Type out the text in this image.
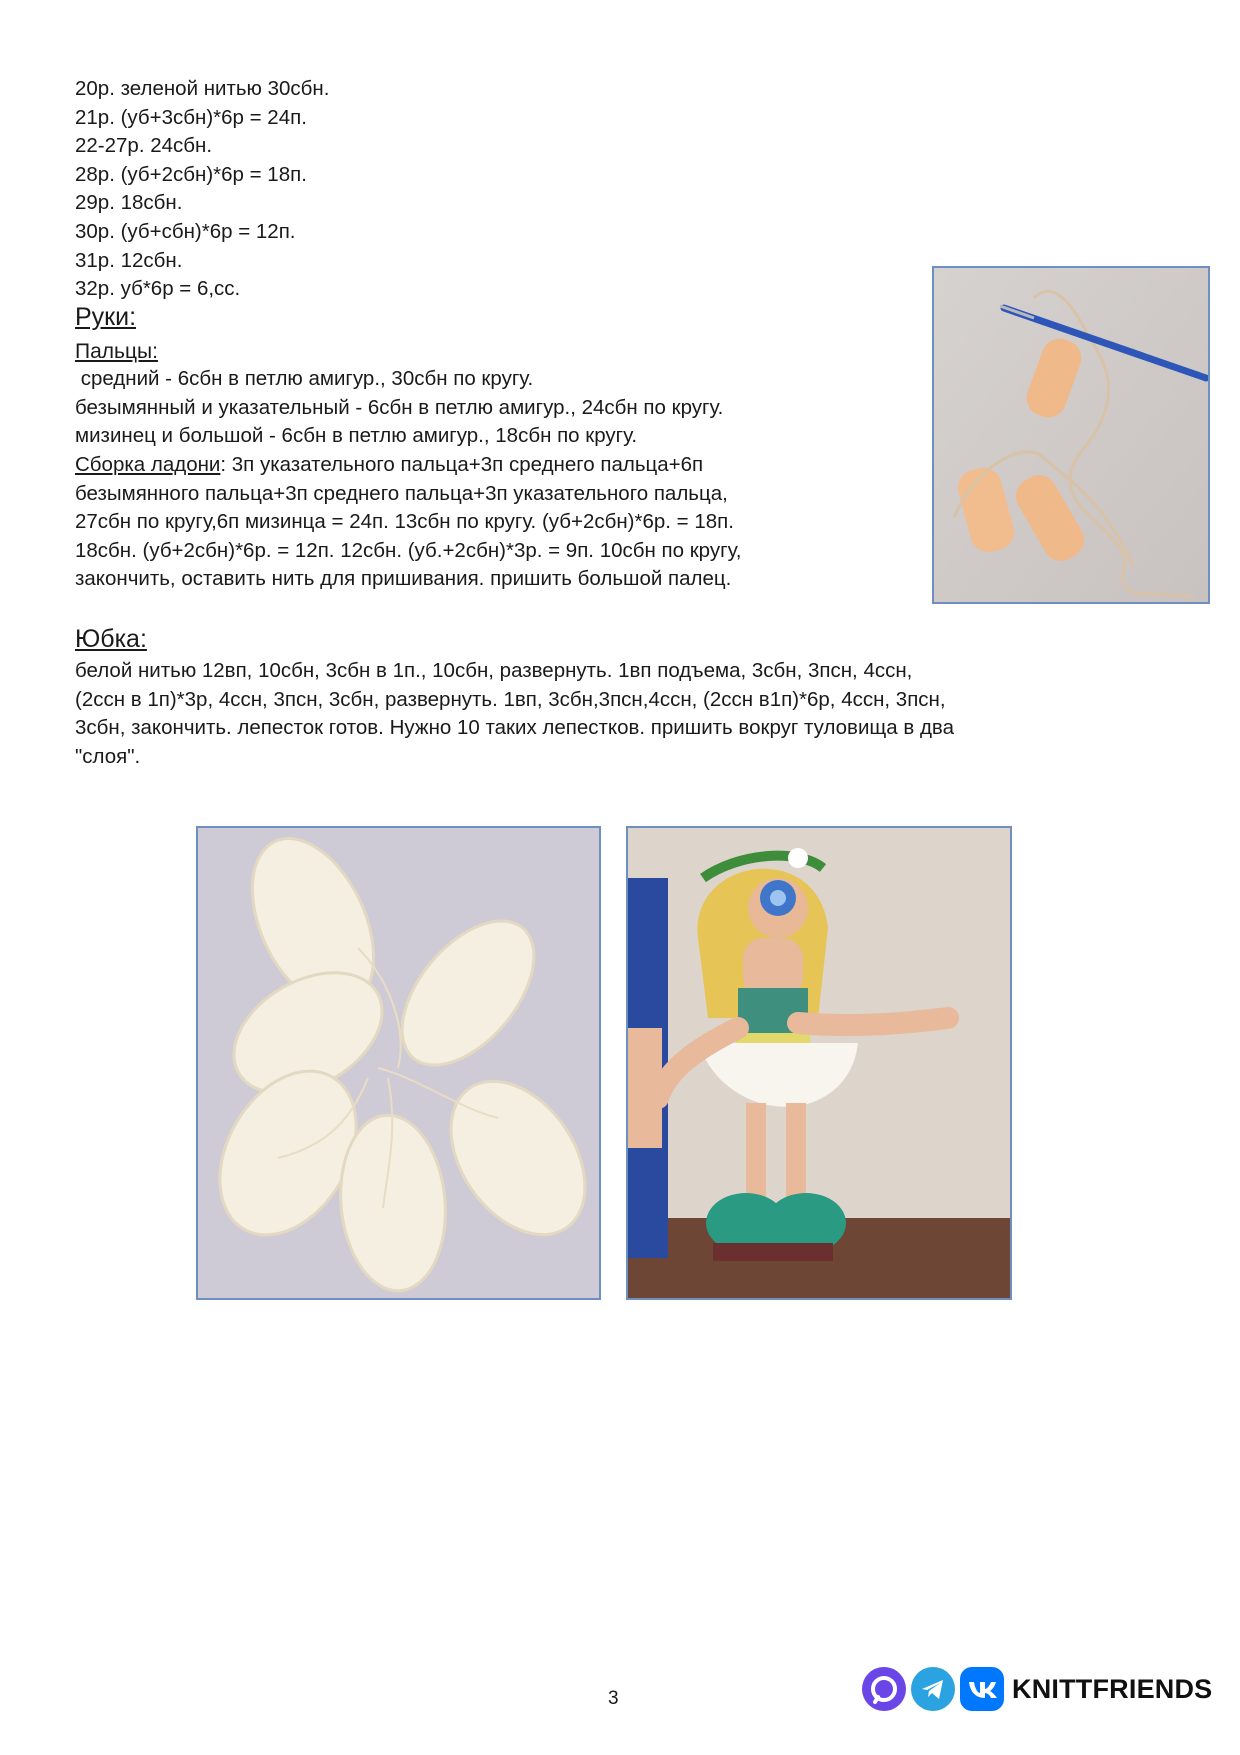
20р. зеленой нитью 30сбн.
21р. (уб+3сбн)*6р = 24п.
22-27р. 24сбн.
28р. (уб+2сбн)*6р = 18п.
29р. 18сбн.
30р. (уб+сбн)*6р = 12п.
31р. 12сбн.
32р. уб*6р = 6,сс.
Руки:
Пальцы:
средний - 6сбн в петлю амигур., 30сбн по кругу.
безымянный и указательный - 6сбн в петлю амигур., 24сбн по кругу.
мизинец и большой - 6сбн в петлю амигур., 18сбн по кругу.
Сборка ладони: 3п указательного пальца+3п среднего пальца+6п
безымянного пальца+3п среднего пальца+3п указательного пальца,
27сбн по кругу,6п мизинца = 24п. 13сбн по кругу. (уб+2сбн)*6р. = 18п.
18сбн. (уб+2сбн)*6р. = 12п. 12сбн. (уб.+2сбн)*3р. = 9п. 10сбн по кругу,
закончить, оставить нить для пришивания. пришить большой палец.
Юбка:
белой нитью 12вп, 10сбн, 3сбн в 1п., 10сбн, развернуть. 1вп подъема, 3сбн, 3псн, 4ссн,
(2ссн в 1п)*3р, 4ссн, 3псн, 3сбн, развернуть. 1вп, 3сбн,3псн,4ссн, (2ссн в1п)*6р, 4ссн, 3псн,
3сбн, закончить. лепесток готов. Нужно 10 таких лепестков. пришить вокруг туловища в два
"слоя".
3	KNITTFRIENDS
